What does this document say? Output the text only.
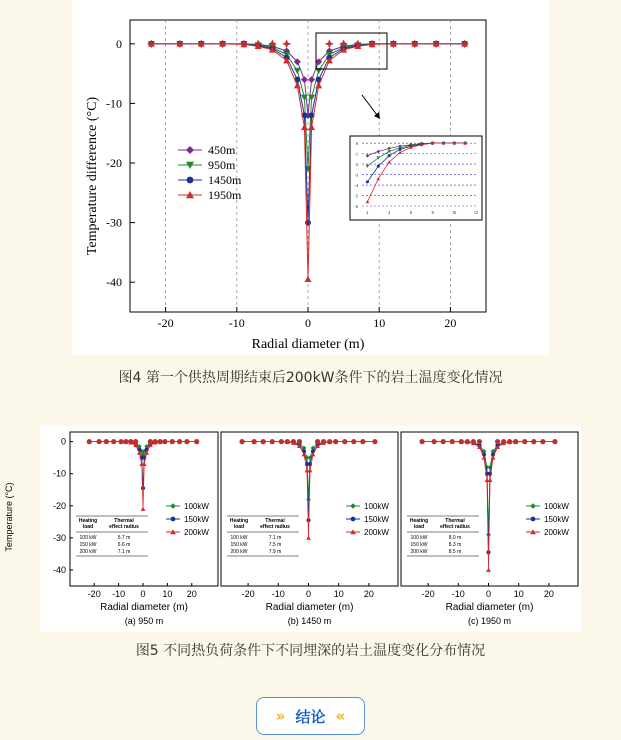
-20	-10	0	10	20
0
-10
-20
-30
-40
Radial diameter (m)
Temperature difference (°C)	450m
950m
1450m
1950m
0
-1
-2
-3
-4
-5
-6
2	4	6	8	10	12
图4 第一个供热周期结束后200kW条件下的岩土温度变化情况
-20 -10 0 10 20
0
-10
-20
-30
-40
Temperature (°C)
Radial diameter (m)
(a) 950 m
100kW
150kW
200kW
Heating
load
Thermal
effect radius
100 kW	5.7 m
150 kW	6.6 m
200 kW	7.1 m
-20 -10 0	10 20
Radial diameter (m)
(b) 1450 m
100kW
150kW
200kW
Heating
load
Thermal
effect radius
100 kW	7.1 m
150 kW	7.5 m
200 kW	7.9 m
-20 -10 0	10 20
Radial diameter (m)
(c) 1950 m
100kW
150kW
200kW
Heating
load
Thermal
effect radius
100 kW	8.0 m
150 kW	8.3 m
200 kW	8.5 m
图5 不同热负荷条件下不同埋深的岩土温度变化分布情况
» 结论 «
